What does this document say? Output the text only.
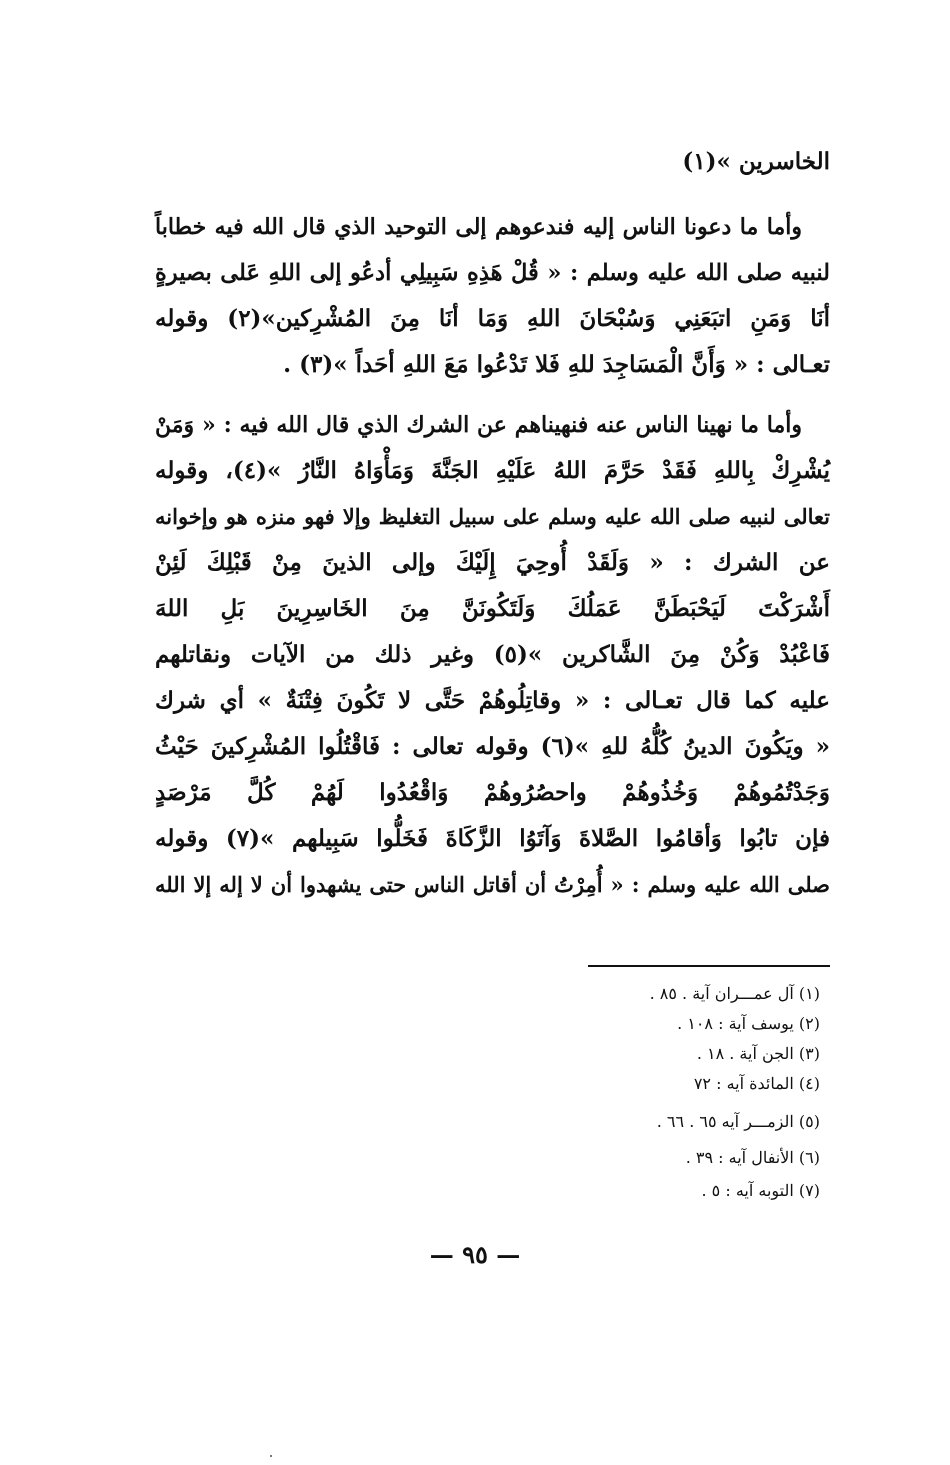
الخاسرين »(١)
وأما ما دعونا الناس إليه فندعوهم إلى التوحيد الذي قال الله فيه خطاباً
لنبيه صلى الله عليه وسلم : « قُلْ هَذِهِ سَبِيلِي أدعُو إلى اللهِ عَلى بصيرةٍ
أنَا وَمَنِ اتبَعَنِي وَسُبْحَانَ اللهِ وَمَا أنَا مِنَ المُشْرِكين»(٢) وقوله
تعـالى : « وَأَنَّ الْمَسَاجِدَ للهِ فَلا تَدْعُوا مَعَ اللهِ أحَداً »(٣) .
وأما ما نهينا الناس عنه فنهيناهم عن الشرك الذي قال الله فيه : « وَمَنْ
يُشْرِكْ بِاللهِ فَقَدْ حَرَّمَ اللهُ عَلَيْهِ الجَنَّةَ وَمَأْوَاهُ النَّارُ »(٤)، وقوله
تعالى لنبيه صلى الله عليه وسلم على سبيل التغليظ وإلا فهو منزه هو وإخوانه
عن الشرك : « وَلَقَدْ أُوحِيَ إِلَيْكَ وإلى الذينَ مِنْ قَبْلِكَ لَئِنْ
أَشْرَكْتَ لَيَحْبَطَنَّ عَمَلُكَ وَلَتَكُونَنَّ مِنَ الخَاسِرِينَ بَلِ اللهَ
فَاعْبُدْ وَكُنْ مِنَ الشَّاكرين »(٥) وغير ذلك من الآيات ونقاتلهم
عليه كما قال تعـالى : « وقاتِلُوهُمْ حَتَّى لا تَكُونَ فِتْنَةٌ » أي شرك
« ويَكُونَ الدينُ كُلُّهُ للهِ »(٦) وقوله تعالى : فَاقْتُلُوا المُشْرِكينَ حَيْثُ
وَجَدْتُمُوهُمْ وَخُذُوهُمْ واحصُرُوهُمْ وَاقْعُدُوا لَهُمْ كُلَّ مَرْصَدٍ
فإن تابُوا وَأقامُوا الصَّلاةَ وَآتَوُا الزَّكَاةَ فَخَلُّوا سَبِيلهم »(٧) وقوله
صلى الله عليه وسلم : « أُمِرْتُ أن أقاتل الناس حتى يشهدوا أن لا إله إلا الله
(١) آل عمـــران آية . ٨٥ .
(٢) يوسف آية : ١٠٨ .
(٣) الجن آية . ١٨ .
(٤) المائدة آيه : ٧٢
(٥) الزمـــر آيه ٦٥ . ٦٦ .
(٦) الأنفال آيه : ٣٩ .
(٧) التوبه آيه : ٥ .
— ٩٥ —
